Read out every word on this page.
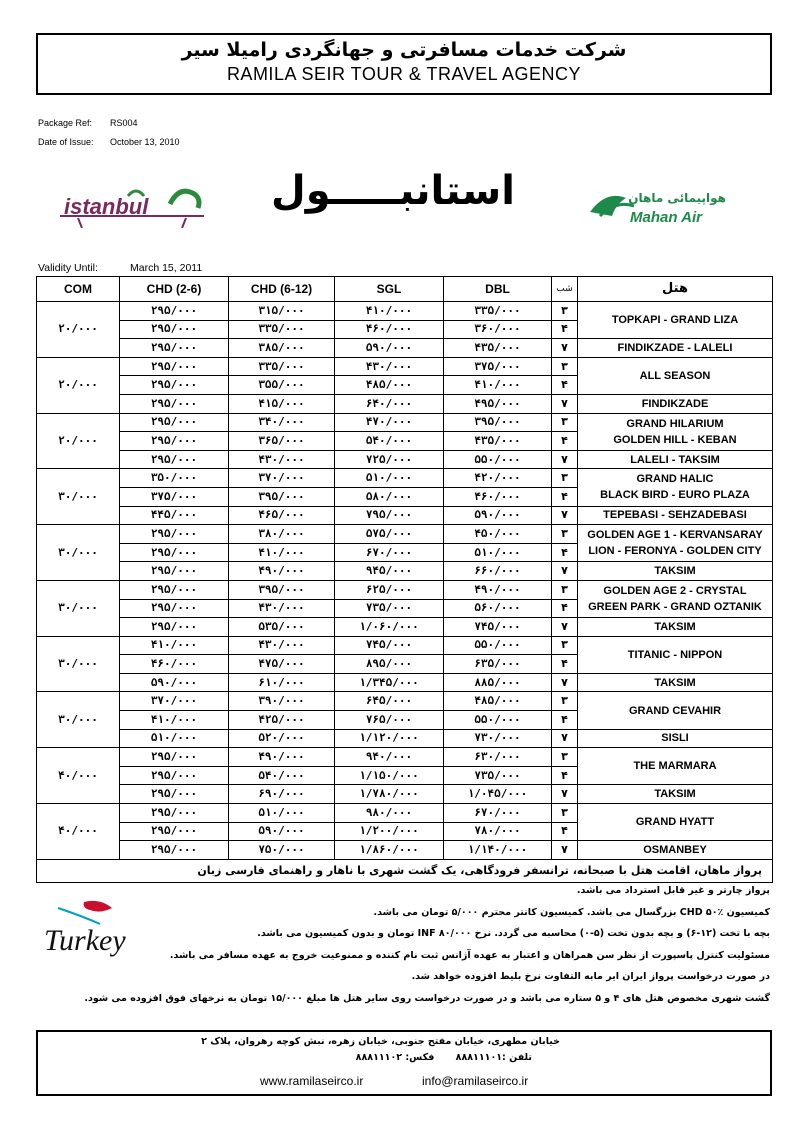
شرکت خدمات مسافرتی و جهانگردی رامیلا سیر
RAMILA SEIR TOUR & TRAVEL AGENCY
Package Ref: RS004
Date of Issue: October 13, 2010
istanbul	استانبـــــول	هواپیمائی ماهان
Mahan Air
Validity Until:	March 15, 2011
COM	CHD (2-6)	CHD (6-12)	SGL	DBL	شب	هتل
۲۰/۰۰۰	۲۹۵/۰۰۰	۳۱۵/۰۰۰	۴۱۰/۰۰۰	۳۳۵/۰۰۰	۳	TOPKAPI - GRAND LIZA

	۲۹۵/۰۰۰	۳۳۵/۰۰۰	۴۶۰/۰۰۰	۳۶۰/۰۰۰	۴	
	۲۹۵/۰۰۰	۳۸۵/۰۰۰	۵۹۰/۰۰۰	۴۳۵/۰۰۰	۷	FINDIKZADE - LALELI
۲۰/۰۰۰	۲۹۵/۰۰۰	۳۳۵/۰۰۰	۴۳۰/۰۰۰	۳۷۵/۰۰۰	۳	ALL SEASON

	۲۹۵/۰۰۰	۳۵۵/۰۰۰	۴۸۵/۰۰۰	۴۱۰/۰۰۰	۴	
	۲۹۵/۰۰۰	۴۱۵/۰۰۰	۶۴۰/۰۰۰	۴۹۵/۰۰۰	۷	FINDIKZADE
۲۰/۰۰۰	۲۹۵/۰۰۰	۳۴۰/۰۰۰	۴۷۰/۰۰۰	۳۹۵/۰۰۰	۳	GRAND HILARIUM
GOLDEN HILL - KEBAN

	۲۹۵/۰۰۰	۳۶۵/۰۰۰	۵۴۰/۰۰۰	۴۳۵/۰۰۰	۴	
	۲۹۵/۰۰۰	۴۳۰/۰۰۰	۷۲۵/۰۰۰	۵۵۰/۰۰۰	۷	LALELI - TAKSIM
۳۰/۰۰۰	۳۵۰/۰۰۰	۳۷۰/۰۰۰	۵۱۰/۰۰۰	۴۲۰/۰۰۰	۳	GRAND HALIC
BLACK BIRD - EURO PLAZA

	۳۷۵/۰۰۰	۳۹۵/۰۰۰	۵۸۰/۰۰۰	۴۶۰/۰۰۰	۴	
	۴۴۵/۰۰۰	۴۶۵/۰۰۰	۷۹۵/۰۰۰	۵۹۰/۰۰۰	۷	TEPEBASI - SEHZADEBASI
۳۰/۰۰۰	۲۹۵/۰۰۰	۳۸۰/۰۰۰	۵۷۵/۰۰۰	۴۵۰/۰۰۰	۳	GOLDEN AGE 1 - KERVANSARAY
LION - FERONYA - GOLDEN CITY

	۲۹۵/۰۰۰	۴۱۰/۰۰۰	۶۷۰/۰۰۰	۵۱۰/۰۰۰	۴	
	۲۹۵/۰۰۰	۴۹۰/۰۰۰	۹۴۵/۰۰۰	۶۶۰/۰۰۰	۷	TAKSIM
۳۰/۰۰۰	۲۹۵/۰۰۰	۳۹۵/۰۰۰	۶۲۵/۰۰۰	۴۹۰/۰۰۰	۳	GOLDEN AGE 2 - CRYSTAL
GREEN PARK - GRAND OZTANIK

	۲۹۵/۰۰۰	۴۳۰/۰۰۰	۷۳۵/۰۰۰	۵۶۰/۰۰۰	۴	
	۲۹۵/۰۰۰	۵۳۵/۰۰۰	۱/۰۶۰/۰۰۰	۷۴۵/۰۰۰	۷	TAKSIM
۳۰/۰۰۰	۴۱۰/۰۰۰	۴۳۰/۰۰۰	۷۴۵/۰۰۰	۵۵۰/۰۰۰	۳	TITANIC - NIPPON

	۴۶۰/۰۰۰	۴۷۵/۰۰۰	۸۹۵/۰۰۰	۶۳۵/۰۰۰	۴	
	۵۹۰/۰۰۰	۶۱۰/۰۰۰	۱/۳۴۵/۰۰۰	۸۸۵/۰۰۰	۷	TAKSIM
۳۰/۰۰۰	۳۷۰/۰۰۰	۳۹۰/۰۰۰	۶۴۵/۰۰۰	۴۸۵/۰۰۰	۳	GRAND CEVAHIR

	۴۱۰/۰۰۰	۴۲۵/۰۰۰	۷۶۵/۰۰۰	۵۵۰/۰۰۰	۴	
	۵۱۰/۰۰۰	۵۲۰/۰۰۰	۱/۱۲۰/۰۰۰	۷۳۰/۰۰۰	۷	SISLI
۴۰/۰۰۰	۲۹۵/۰۰۰	۴۹۰/۰۰۰	۹۴۰/۰۰۰	۶۳۰/۰۰۰	۳	THE MARMARA

	۲۹۵/۰۰۰	۵۴۰/۰۰۰	۱/۱۵۰/۰۰۰	۷۳۵/۰۰۰	۴	
	۲۹۵/۰۰۰	۶۹۰/۰۰۰	۱/۷۸۰/۰۰۰	۱/۰۴۵/۰۰۰	۷	TAKSIM
۴۰/۰۰۰	۲۹۵/۰۰۰	۵۱۰/۰۰۰	۹۸۰/۰۰۰	۶۷۰/۰۰۰	۳	GRAND HYATT

	۲۹۵/۰۰۰	۵۹۰/۰۰۰	۱/۲۰۰/۰۰۰	۷۸۰/۰۰۰	۴	
	۲۹۵/۰۰۰	۷۵۰/۰۰۰	۱/۸۶۰/۰۰۰	۱/۱۴۰/۰۰۰	۷	OSMANBEY
پرواز ماهان، اقامت هتل با صبحانه، ترانسفر فرودگاهی، یک گشت شهری با ناهار و راهنمای فارسی زبان						
Turkey
پرواز چارتر و غیر قابل استرداد می باشد.
کمیسیون CHD ۵۰٪ بزرگسال می باشد. کمیسیون کانتر محترم ۵/۰۰۰ تومان می باشد.
بچه با تخت (۱۲-۶) و بچه بدون تخت (۵-۰) محاسبه می گردد. نرخ INF ۸۰/۰۰۰ تومان و بدون کمیسیون می باشد.
مسئولیت کنترل پاسپورت از نظر سن همراهان و اعتبار به عهده آژانس ثبت نام کننده و ممنوعیت خروج به عهده مسافر می باشد.
در صورت درخواست پرواز ایران ایر مابه التفاوت نرخ بلیط افزوده خواهد شد.
گشت شهری مخصوص هتل های ۴ و ۵ ستاره می باشد و در صورت درخواست روی سایر هتل ها مبلغ ۱۵/۰۰۰ تومان به نرخهای فوق افزوده می شود.
خیابان مطهری، خیابان مفتح جنوبی، خیابان زهره، نبش کوچه رهروان، پلاک ۲
تلفن :۸۸۸۱۱۱۰۱ فکس: ۸۸۸۱۱۱۰۲
www.ramilaseirco.ir	info@ramilaseirco.ir
